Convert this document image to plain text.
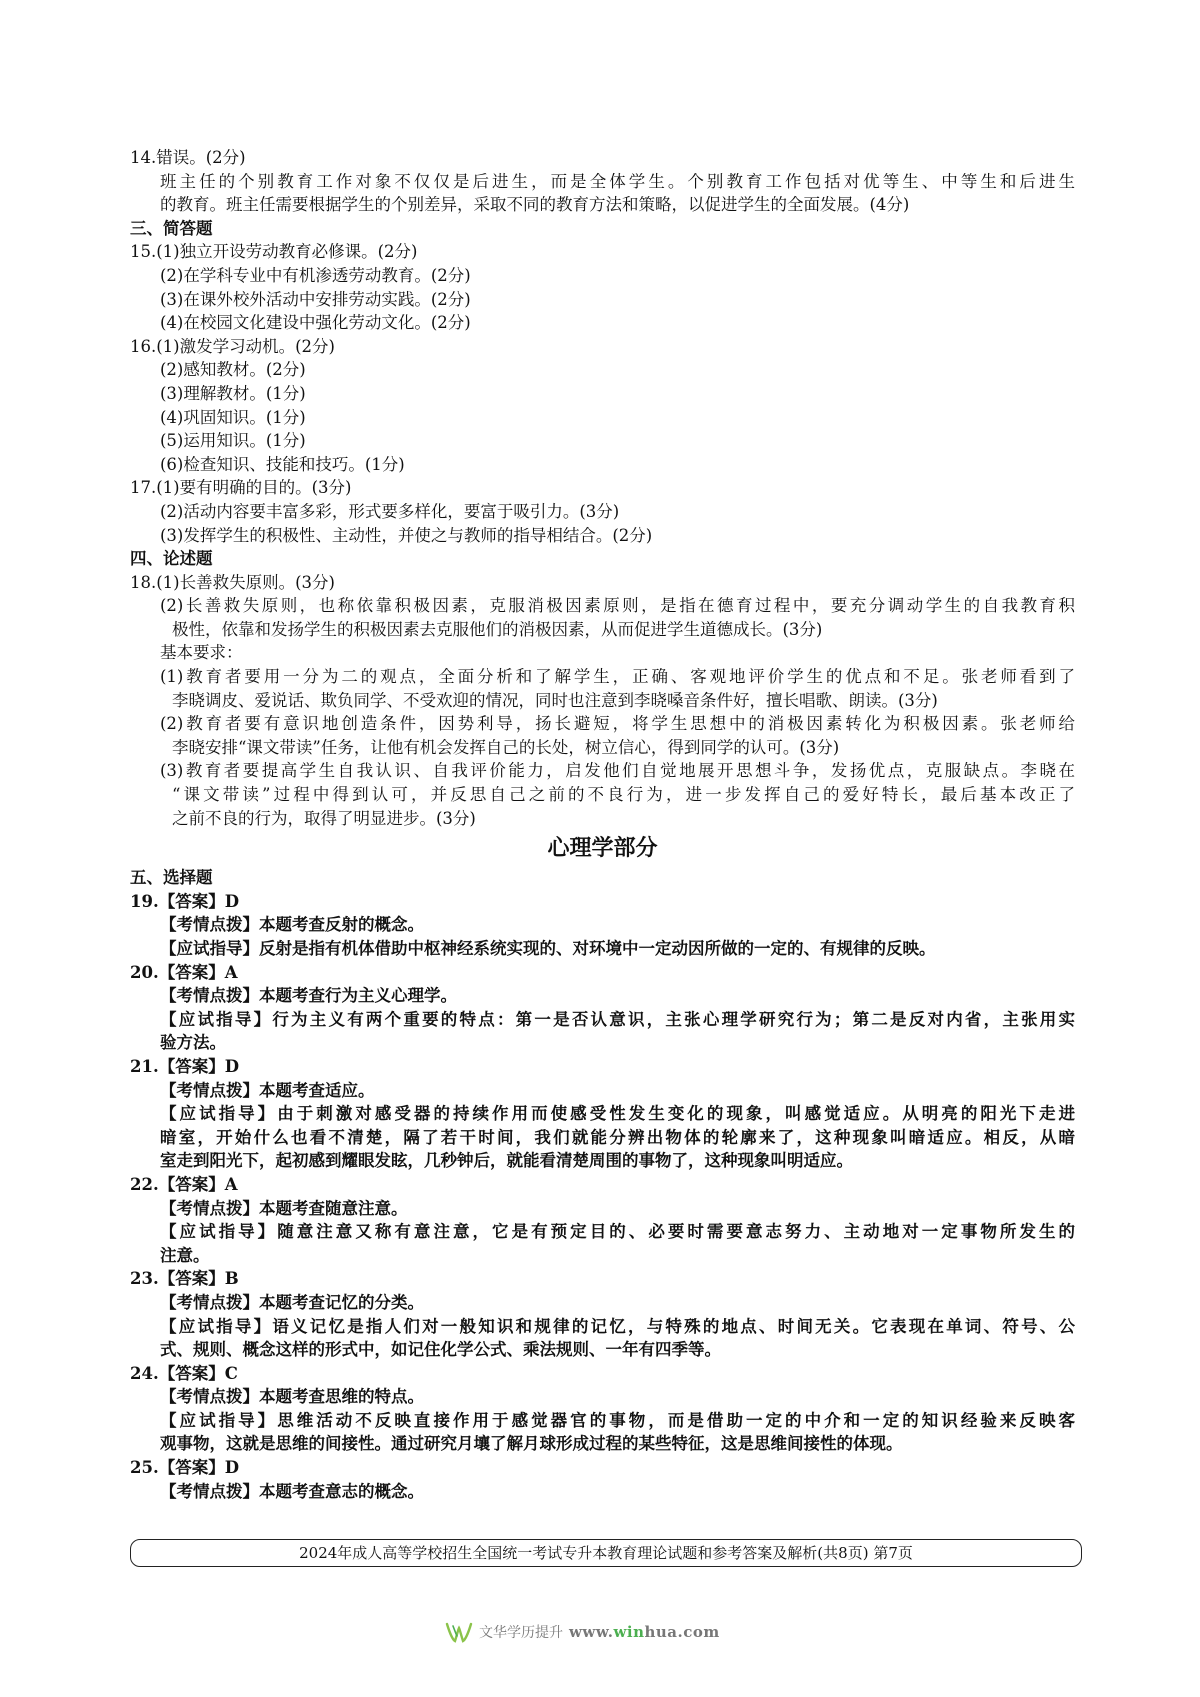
14.错误。(2分)
班主任的个别教育工作对象不仅仅是后进生，而是全体学生。个别教育工作包括对优等生、中等生和后进生
的教育。班主任需要根据学生的个别差异，采取不同的教育方法和策略，以促进学生的全面发展。(4分)
三、简答题
15.(1)独立开设劳动教育必修课。(2分)
(2)在学科专业中有机渗透劳动教育。(2分)
(3)在课外校外活动中安排劳动实践。(2分)
(4)在校园文化建设中强化劳动文化。(2分)
16.(1)激发学习动机。(2分)
(2)感知教材。(2分)
(3)理解教材。(1分)
(4)巩固知识。(1分)
(5)运用知识。(1分)
(6)检查知识、技能和技巧。(1分)
17.(1)要有明确的目的。(3分)
(2)活动内容要丰富多彩，形式要多样化，要富于吸引力。(3分)
(3)发挥学生的积极性、主动性，并使之与教师的指导相结合。(2分)
四、论述题
18.(1)长善救失原则。(3分)
(2)长善救失原则，也称依靠积极因素，克服消极因素原则，是指在德育过程中，要充分调动学生的自我教育积
极性，依靠和发扬学生的积极因素去克服他们的消极因素，从而促进学生道德成长。(3分)
基本要求：
(1)教育者要用一分为二的观点，全面分析和了解学生，正确、客观地评价学生的优点和不足。张老师看到了
李晓调皮、爱说话、欺负同学、不受欢迎的情况，同时也注意到李晓嗓音条件好，擅长唱歌、朗读。(3分)
(2)教育者要有意识地创造条件，因势利导，扬长避短，将学生思想中的消极因素转化为积极因素。张老师给
李晓安排“课文带读”任务，让他有机会发挥自己的长处，树立信心，得到同学的认可。(3分)
(3)教育者要提高学生自我认识、自我评价能力，启发他们自觉地展开思想斗争，发扬优点，克服缺点。李晓在
“课文带读”过程中得到认可，并反思自己之前的不良行为，进一步发挥自己的爱好特长，最后基本改正了
之前不良的行为，取得了明显进步。(3分)
心理学部分
五、选择题
19.【答案】D
【考情点拨】本题考查反射的概念。
【应试指导】反射是指有机体借助中枢神经系统实现的、对环境中一定动因所做的一定的、有规律的反映。
20.【答案】A
【考情点拨】本题考查行为主义心理学。
【应试指导】行为主义有两个重要的特点：第一是否认意识，主张心理学研究行为；第二是反对内省，主张用实
验方法。
21.【答案】D
【考情点拨】本题考查适应。
【应试指导】由于刺激对感受器的持续作用而使感受性发生变化的现象，叫感觉适应。从明亮的阳光下走进
暗室，开始什么也看不清楚，隔了若干时间，我们就能分辨出物体的轮廓来了，这种现象叫暗适应。相反，从暗
室走到阳光下，起初感到耀眼发眩，几秒钟后，就能看清楚周围的事物了，这种现象叫明适应。
22.【答案】A
【考情点拨】本题考查随意注意。
【应试指导】随意注意又称有意注意，它是有预定目的、必要时需要意志努力、主动地对一定事物所发生的
注意。
23.【答案】B
【考情点拨】本题考查记忆的分类。
【应试指导】语义记忆是指人们对一般知识和规律的记忆，与特殊的地点、时间无关。它表现在单词、符号、公
式、规则、概念这样的形式中，如记住化学公式、乘法规则、一年有四季等。
24.【答案】C
【考情点拨】本题考查思维的特点。
【应试指导】思维活动不反映直接作用于感觉器官的事物，而是借助一定的中介和一定的知识经验来反映客
观事物，这就是思维的间接性。通过研究月壤了解月球形成过程的某些特征，这是思维间接性的体现。
25.【答案】D
【考情点拨】本题考查意志的概念。
2024年成人高等学校招生全国统一考试专升本教育理论试题和参考答案及解析(共8页) 第7页
文华学历提升 www.winhua.com
